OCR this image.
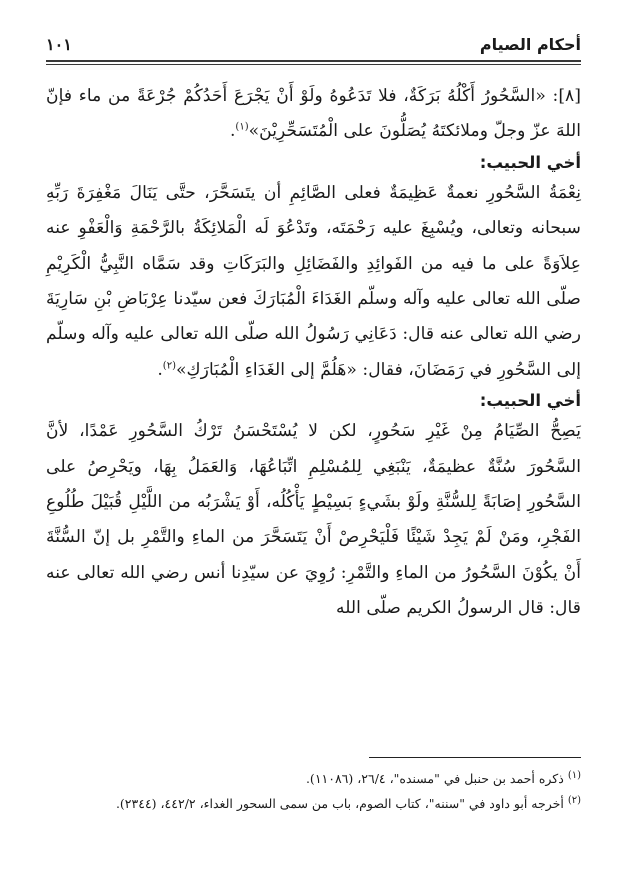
أحكام الصيام
١٠١

[٨]: «السَّحُورُ أَكْلُهُ بَرَكَةٌ، فلا تَدَعُوهُ ولَوْ أَنْ يَجْرَعَ أَحَدُكُمْ جُرْعَةً من ماء فإنّ اللهَ عزّ وجلّ وملائكتَهُ يُصَلُّونَ على الْمُتَسَحِّرِيْنَ»$^{(١)}$.

أخي الحبيب:

نِعْمَةُ السَّحُورِ نعمةٌ عَظِيمَةٌ فعلى الصَّائِمِ أن يتَسَحَّرَ، حتَّى يَنَالَ مَغْفِرَةَ رَبِّهِ سبحانه وتعالى، ويُسْبِغَ عليه رَحْمَتَه، وتَدْعُوَ لَه الْمَلائِكَةُ بالرَّحْمَةِ وَالْعَفْوِ عنه عِلاَوَةً على ما فيه من الفَوائِدِ والفَضَائِلِ والبَرَكَاتِ وقد سَمَّاه النَّبِيُّ الْكَرِيْمِ صلّى الله تعالى عليه وآله وسلّم الغَدَاءَ الْمُبَارَكَ فعن سيّدنا عِرْبَاضِ بْنِ سَارِيَةَ رضي الله تعالى عنه قال: دَعَانِي رَسُولُ الله صلّى الله تعالى عليه وآله وسلّم إلى السَّحُورِ في رَمَضَانَ، فقال: «هَلُمَّ إلى الغَدَاءِ الْمُبَارَكِ»$^{(٢)}$.

أخي الحبيب:

يَصِحُّ الصِّيَامُ مِنْ غَيْرِ سَحُورٍ، لكن لا يُسْتَحْسَنُ تَرْكُ السَّحُورِ عَمْدًا، لأنَّ السَّحُورَ سُنَّةٌ عظيمَةٌ، يَنْبَغِي لِلمُسْلِمِ اتِّبَاعُهَا، وَالعَمَلُ بِهَا، ويَحْرِصُ على السَّحُورِ إصَابَةً لِلسُّنَّةِ ولَوْ بشَيءٍ بَسِيْطٍ يَأْكُلُه، أَوْ يَشْرَبُه من اللَّيْلِ قُبَيْلَ طُلُوعِ الفَجْرِ، ومَنْ لَمْ يَجِدْ شَيْئًا فَلْيَحْرِصْ أَنْ يَتَسَحَّرَ من الماءِ والتَّمْرِ بل إنّ السُّنَّةَ أَنْ يكُوْنَ السَّحُورُ من الماءِ والتَّمْرِ: رُوِيَ عن سيّدِنا أنس رضي الله تعالى عنه قال: قال الرسولُ الكريم صلّى الله

$^{(١)}$ ذكره أحمد بن حنبل في "مسنده"، ٢٦/٤، (١١٠٨٦).

$^{(٢)}$ أخرجه أبو داود في "سننه"، كتاب الصوم، باب من سمى السحور الغداء، ٤٤٢/٢، (٢٣٤٤).
